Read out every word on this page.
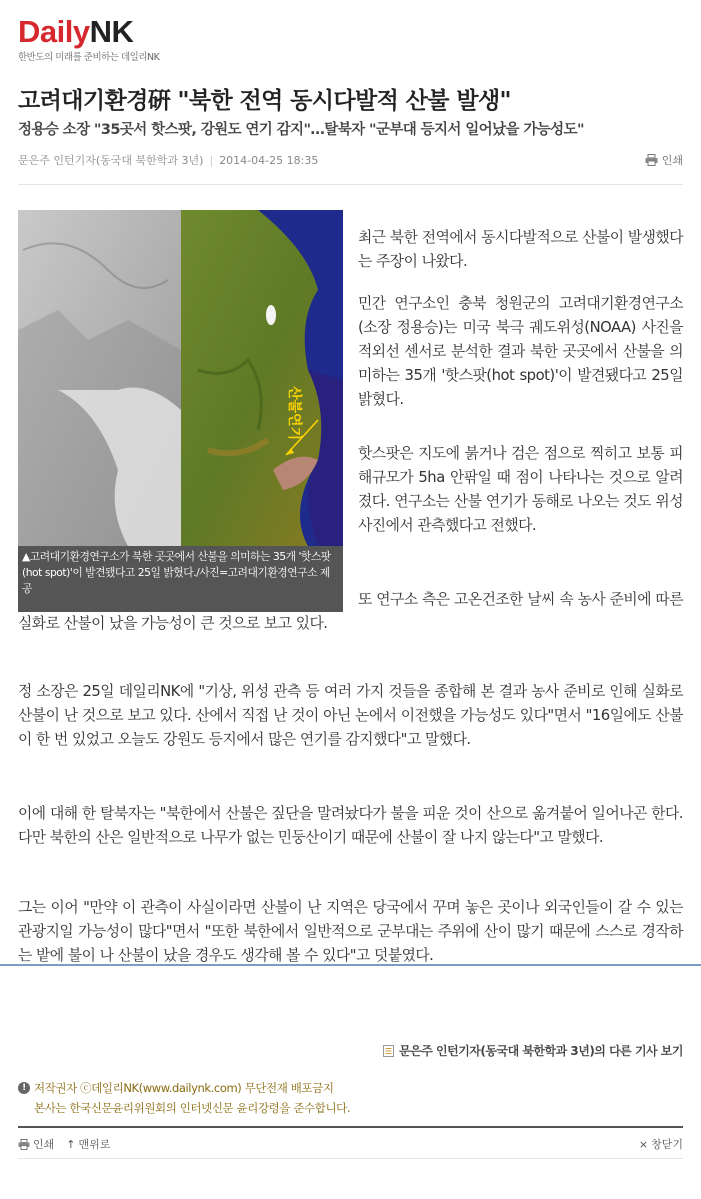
DailyNK
한반도의 미래를 준비하는 데일리NK
고려대기환경硏 "북한 전역 동시다발적 산불 발생"
정용승 소장 "35곳서 핫스팟, 강원도 연기 감지"…탈북자 "군부대 등지서 일어났을 가능성도"
문은주 인턴기자(동국대 북한학과 3년) | 2014-04-25 18:35	인쇄
산불연기
▲고려대기환경연구소가 북한 곳곳에서 산불을 의미하는 35개 '핫스팟(hot spot)'이 발견됐다고 25일 밝혔다./사진=고려대기환경연구소 제공

최근 북한 전역에서 동시다발적으로 산불이 발생했다는 주장이 나왔다.

민간 연구소인 충북 청원군의 고려대기환경연구소(소장 정용승)는 미국 북극 궤도위성(NOAA) 사진을 적외선 센서로 분석한 결과 북한 곳곳에서 산불을 의미하는 35개 '핫스팟(hot spot)'이 발견됐다고 25일 밝혔다.

핫스팟은 지도에 붉거나 검은 점으로 찍히고 보통 피해규모가 5ha 안팎일 때 점이 나타나는 것으로 알려졌다. 연구소는 산불 연기가 동해로 나오는 것도 위성사진에서 관측했다고 전했다.

또 연구소 측은 고온건조한 날씨 속 농사 준비에 따른 실화로 산불이 났을 가능성이 큰 것으로 보고 있다.

정 소장은 25일 데일리NK에 "기상, 위성 관측 등 여러 가지 것들을 종합해 본 결과 농사 준비로 인해 실화로 산불이 난 것으로 보고 있다. 산에서 직접 난 것이 아닌 논에서 이전했을 가능성도 있다"면서 "16일에도 산불이 한 번 있었고 오늘도 강원도 등지에서 많은 연기를 감지했다"고 말했다.

이에 대해 한 탈북자는 "북한에서 산불은 짚단을 말려놨다가 불을 피운 것이 산으로 옮겨붙어 일어나곤 한다. 다만 북한의 산은 일반적으로 나무가 없는 민둥산이기 때문에 산불이 잘 나지 않는다"고 말했다.

그는 이어 "만약 이 관측이 사실이라면 산불이 난 지역은 당국에서 꾸며 놓은 곳이나 외국인들이 갈 수 있는 관광지일 가능성이 많다"면서 "또한 북한에서 일반적으로 군부대는 주위에 산이 많기 때문에 스스로 경작하는 밭에 불이 나 산불이 났을 경우도 생각해 볼 수 있다"고 덧붙였다.

문은주 인턴기자(동국대 북한학과 3년)의 다른 기사 보기
! 저작권자 ⓒ데일리NK(www.dailynk.com) 무단전재 배포금지
본사는 한국신문윤리위원회의 인터넷신문 윤리강령을 준수합니다.
인쇄 ↑ 맨위로	× 창닫기
